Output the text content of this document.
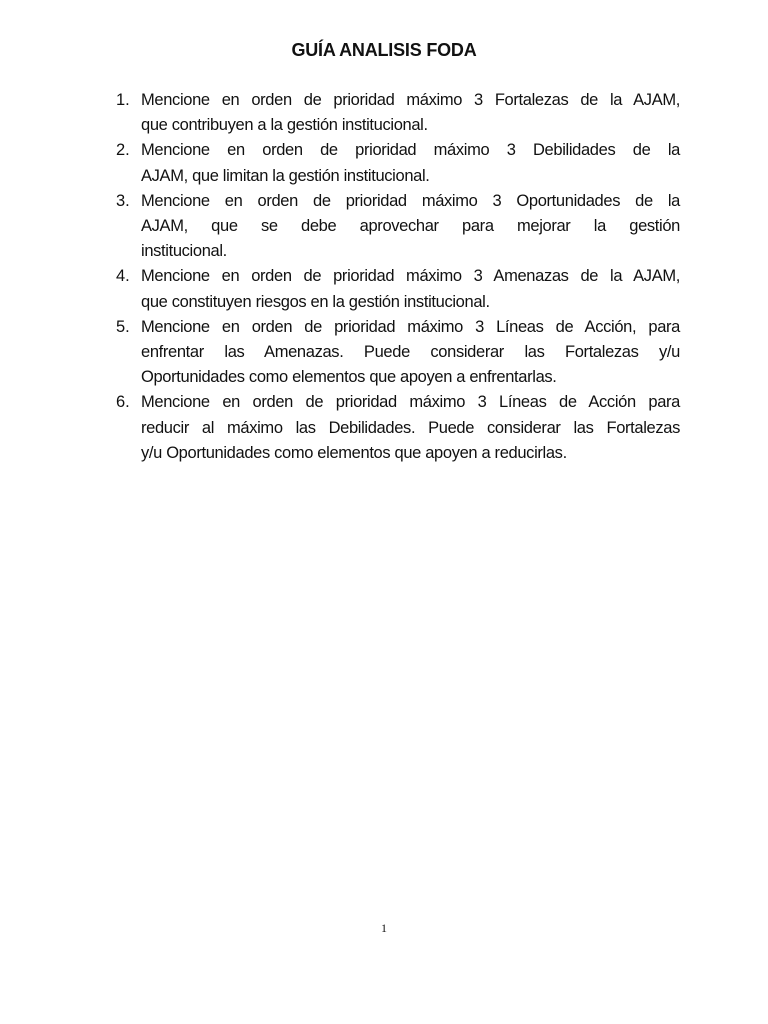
GUÍA ANALISIS FODA
1. Mencione en orden de prioridad máximo 3 Fortalezas de la AJAM,
que contribuyen a la gestión institucional.
2. Mencione en orden de prioridad máximo 3 Debilidades de la
AJAM, que limitan la gestión institucional.
3. Mencione en orden de prioridad máximo 3 Oportunidades de la
AJAM, que se debe aprovechar para mejorar la gestión
institucional.
4. Mencione en orden de prioridad máximo 3 Amenazas de la AJAM,
que constituyen riesgos en la gestión institucional.
5. Mencione en orden de prioridad máximo 3 Líneas de Acción, para
enfrentar las Amenazas. Puede considerar las Fortalezas y/u
Oportunidades como elementos que apoyen a enfrentarlas.
6. Mencione en orden de prioridad máximo 3 Líneas de Acción para
reducir al máximo las Debilidades. Puede considerar las Fortalezas
y/u Oportunidades como elementos que apoyen a reducirlas.
1
